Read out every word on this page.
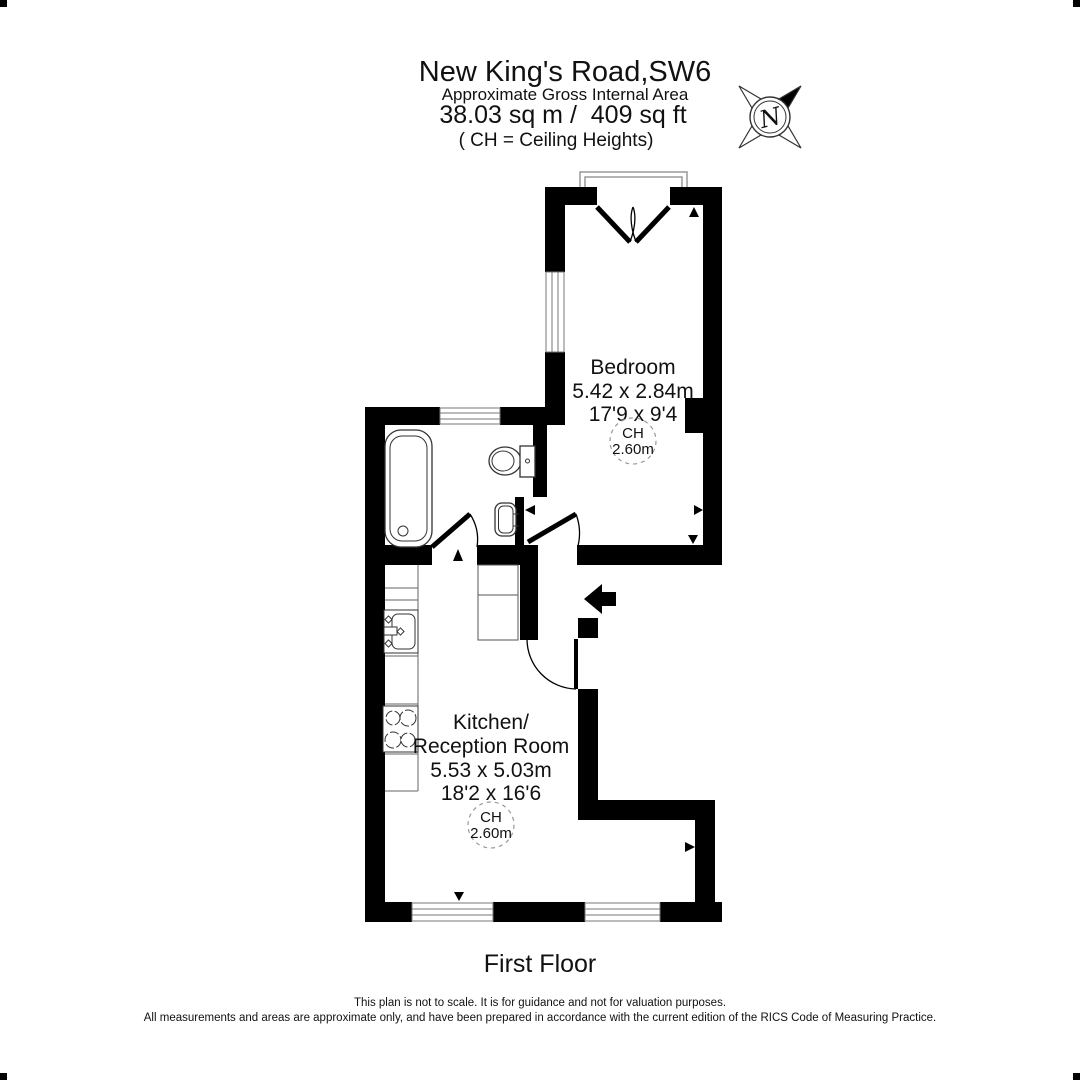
New King's Road,SW6
Approximate Gross Internal Area
38.03 sq m /  409 sq ft
( CH = Ceiling Heights)
N
Bedroom
5.42 x 2.84m
17'9 x 9'4
CH
2.60m
Kitchen/
Reception Room
5.53 x 5.03m
18'2 x 16'6
CH
2.60m
First Floor
This plan is not to scale. It is for guidance and not for valuation purposes.
All measurements and areas are approximate only, and have been prepared in accordance with the current edition of the RICS Code of Measuring Practice.
